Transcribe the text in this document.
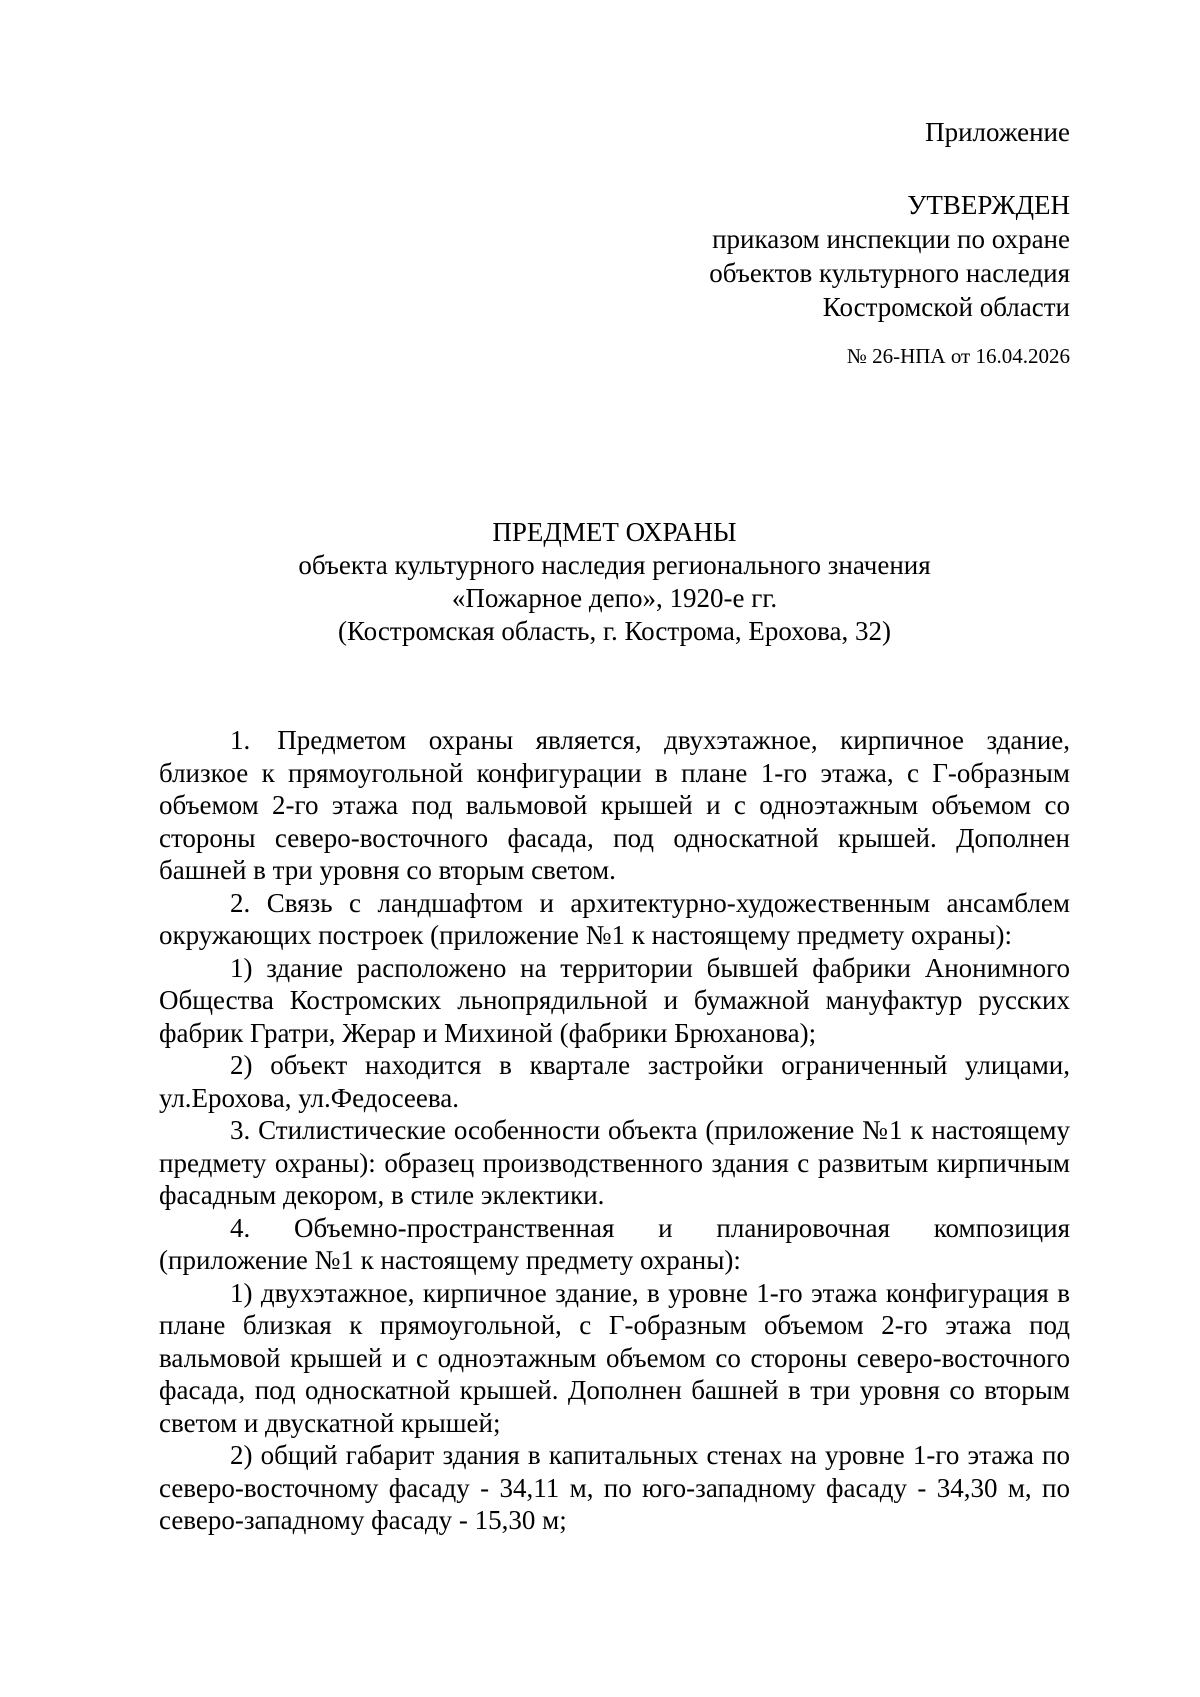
Приложение
УТВЕРЖДЕН
приказом инспекции по охране
объектов культурного наследия
Костромской области
№ 26-НПА от 16.04.2026
ПРЕДМЕТ ОХРАНЫ
объекта культурного наследия регионального значения
«Пожарное депо», 1920-е гг.
(Костромская область, г. Кострома, Ерохова, 32)

1. Предметом охраны является, двухэтажное, кирпичное здание, близкое к прямоугольной конфигурации в плане 1-го этажа, с Г-образным объемом 2-го этажа под вальмовой крышей и с одноэтажным объемом со стороны северо-восточного фасада, под односкатной крышей. Дополнен башней в три уровня со вторым светом.

2. Связь с ландшафтом и архитектурно-художественным ансамблем окружающих построек (приложение №1 к настоящему предмету охраны):

1) здание расположено на территории бывшей фабрики Анонимного Общества Костромских льнопрядильной и бумажной мануфактур русских фабрик Гратри, Жерар и Михиной (фабрики Брюханова);

2) объект находится в квартале застройки ограниченный улицами, ул.Ерохова, ул.Федосеева.

3. Стилистические особенности объекта (приложение №1 к настоящему предмету охраны): образец производственного здания с развитым кирпичным фасадным декором, в стиле эклектики.

4. Объемно-пространственная и планировочная композиция (приложение №1 к настоящему предмету охраны):

1) двухэтажное, кирпичное здание, в уровне 1-го этажа конфигурация в плане близкая к прямоугольной, с Г-образным объемом 2-го этажа под вальмовой крышей и с одноэтажным объемом со стороны северо-восточного фасада, под односкатной крышей. Дополнен башней в три уровня со вторым светом и двускатной крышей;

2) общий габарит здания в капитальных стенах на уровне 1-го этажа по северо-восточному фасаду - 34,11 м, по юго-западному фасаду - 34,30 м, по северо-западному фасаду - 15,30 м;
